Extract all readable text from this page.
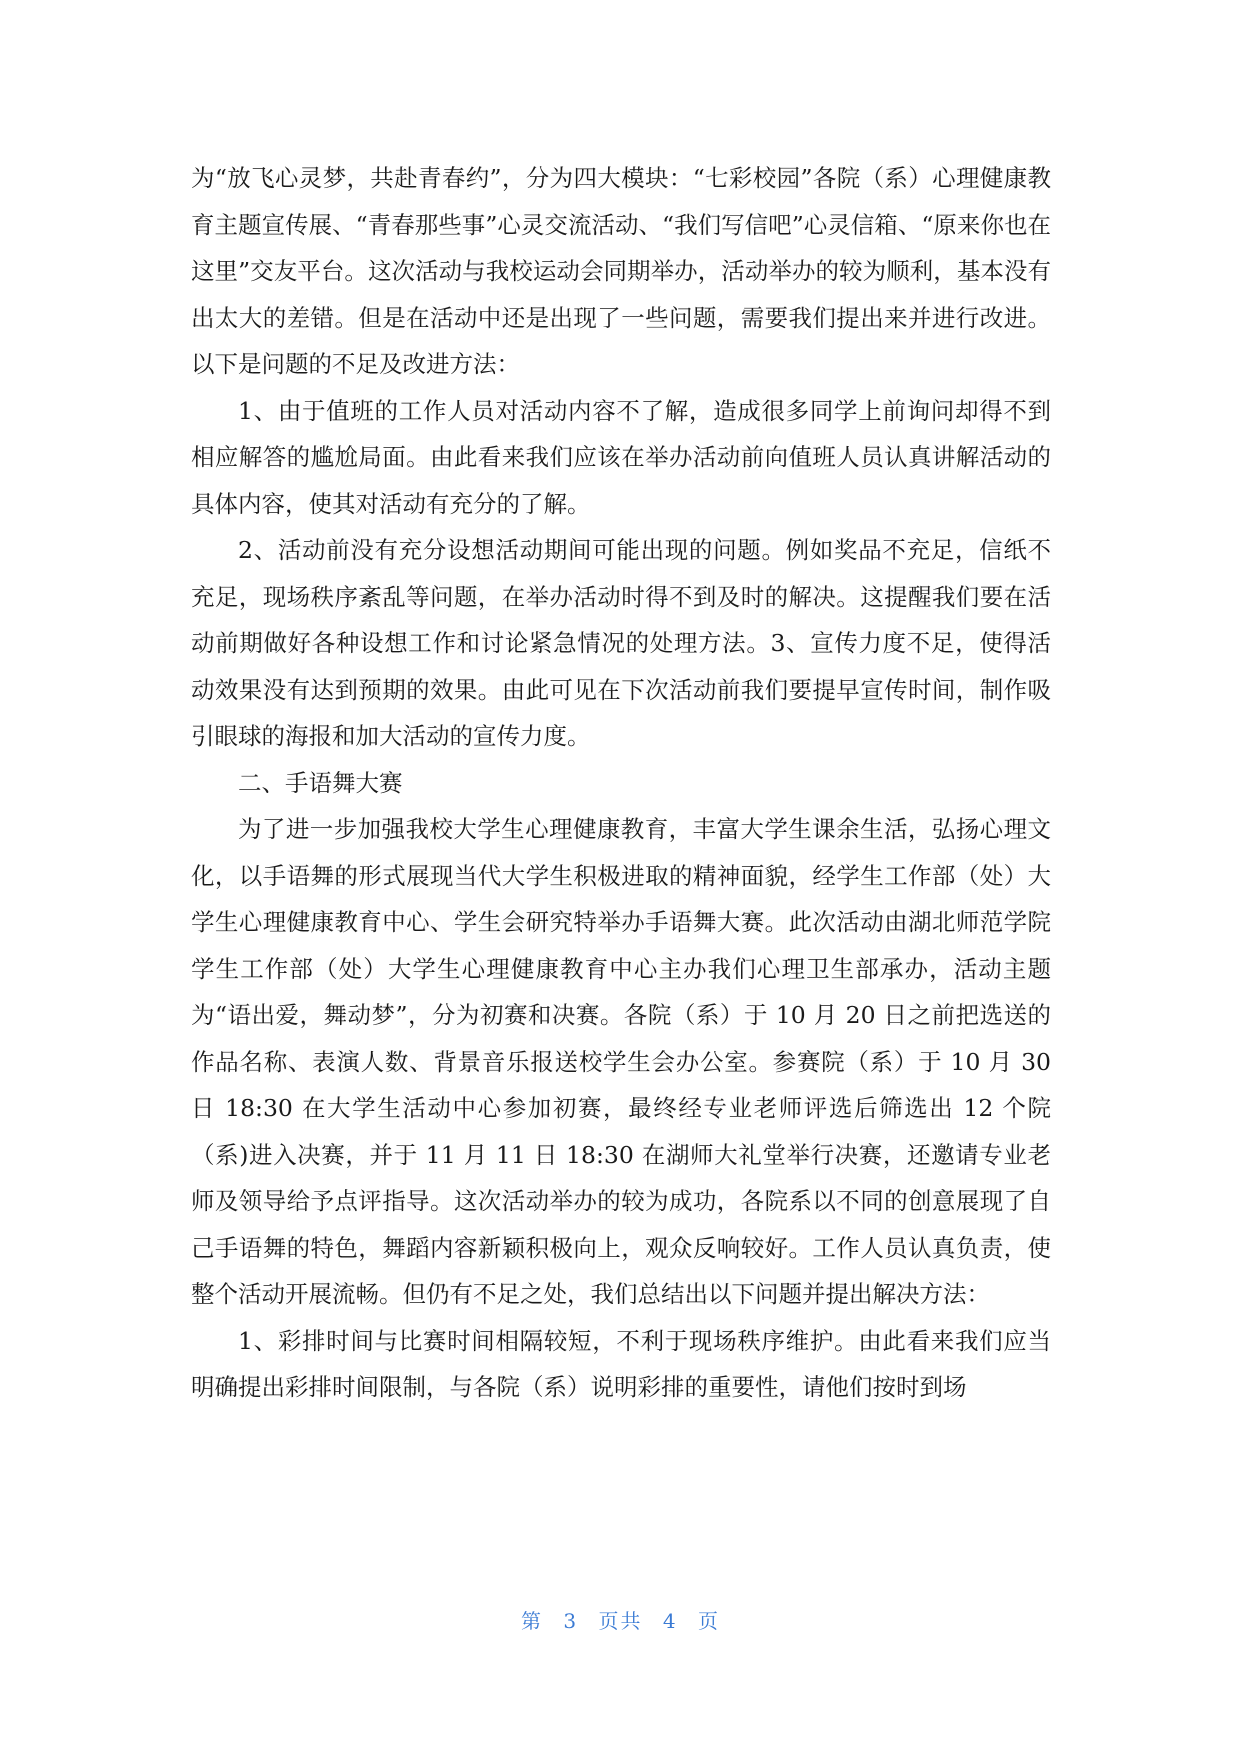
为“放飞心灵梦，共赴青春约”，分为四大模块：“七彩校园”各院（系）心理健康教育主题宣传展、“青春那些事”心灵交流活动、“我们写信吧”心灵信箱、“原来你也在这里”交友平台。这次活动与我校运动会同期举办，活动举办的较为顺利，基本没有出太大的差错。但是在活动中还是出现了一些问题，需要我们提出来并进行改进。以下是问题的不足及改进方法：

1、由于值班的工作人员对活动内容不了解，造成很多同学上前询问却得不到相应解答的尴尬局面。由此看来我们应该在举办活动前向值班人员认真讲解活动的具体内容，使其对活动有充分的了解。

2、活动前没有充分设想活动期间可能出现的问题。例如奖品不充足，信纸不充足，现场秩序紊乱等问题，在举办活动时得不到及时的解决。这提醒我们要在活动前期做好各种设想工作和讨论紧急情况的处理方法。3、宣传力度不足，使得活动效果没有达到预期的效果。由此可见在下次活动前我们要提早宣传时间，制作吸引眼球的海报和加大活动的宣传力度。

二、手语舞大赛

为了进一步加强我校大学生心理健康教育，丰富大学生课余生活，弘扬心理文化，以手语舞的形式展现当代大学生积极进取的精神面貌，经学生工作部（处）大学生心理健康教育中心、学生会研究特举办手语舞大赛。此次活动由湖北师范学院学生工作部（处）大学生心理健康教育中心主办我们心理卫生部承办，活动主题为“语出爱，舞动梦”，分为初赛和决赛。各院（系）于 10 月 20 日之前把选送的作品名称、表演人数、背景音乐报送校学生会办公室。参赛院（系）于 10 月 30 日 18:30 在大学生活动中心参加初赛，最终经专业老师评选后筛选出 12 个院（系)进入决赛，并于 11 月 11 日 18:30 在湖师大礼堂举行决赛，还邀请专业老师及领导给予点评指导。这次活动举办的较为成功，各院系以不同的创意展现了自己手语舞的特色，舞蹈内容新颖积极向上，观众反响较好。工作人员认真负责，使整个活动开展流畅。但仍有不足之处，我们总结出以下问题并提出解决方法：

1、彩排时间与比赛时间相隔较短，不利于现场秩序维护。由此看来我们应当明确提出彩排时间限制，与各院（系）说明彩排的重要性，请他们按时到场

第 3 页共 4 页
